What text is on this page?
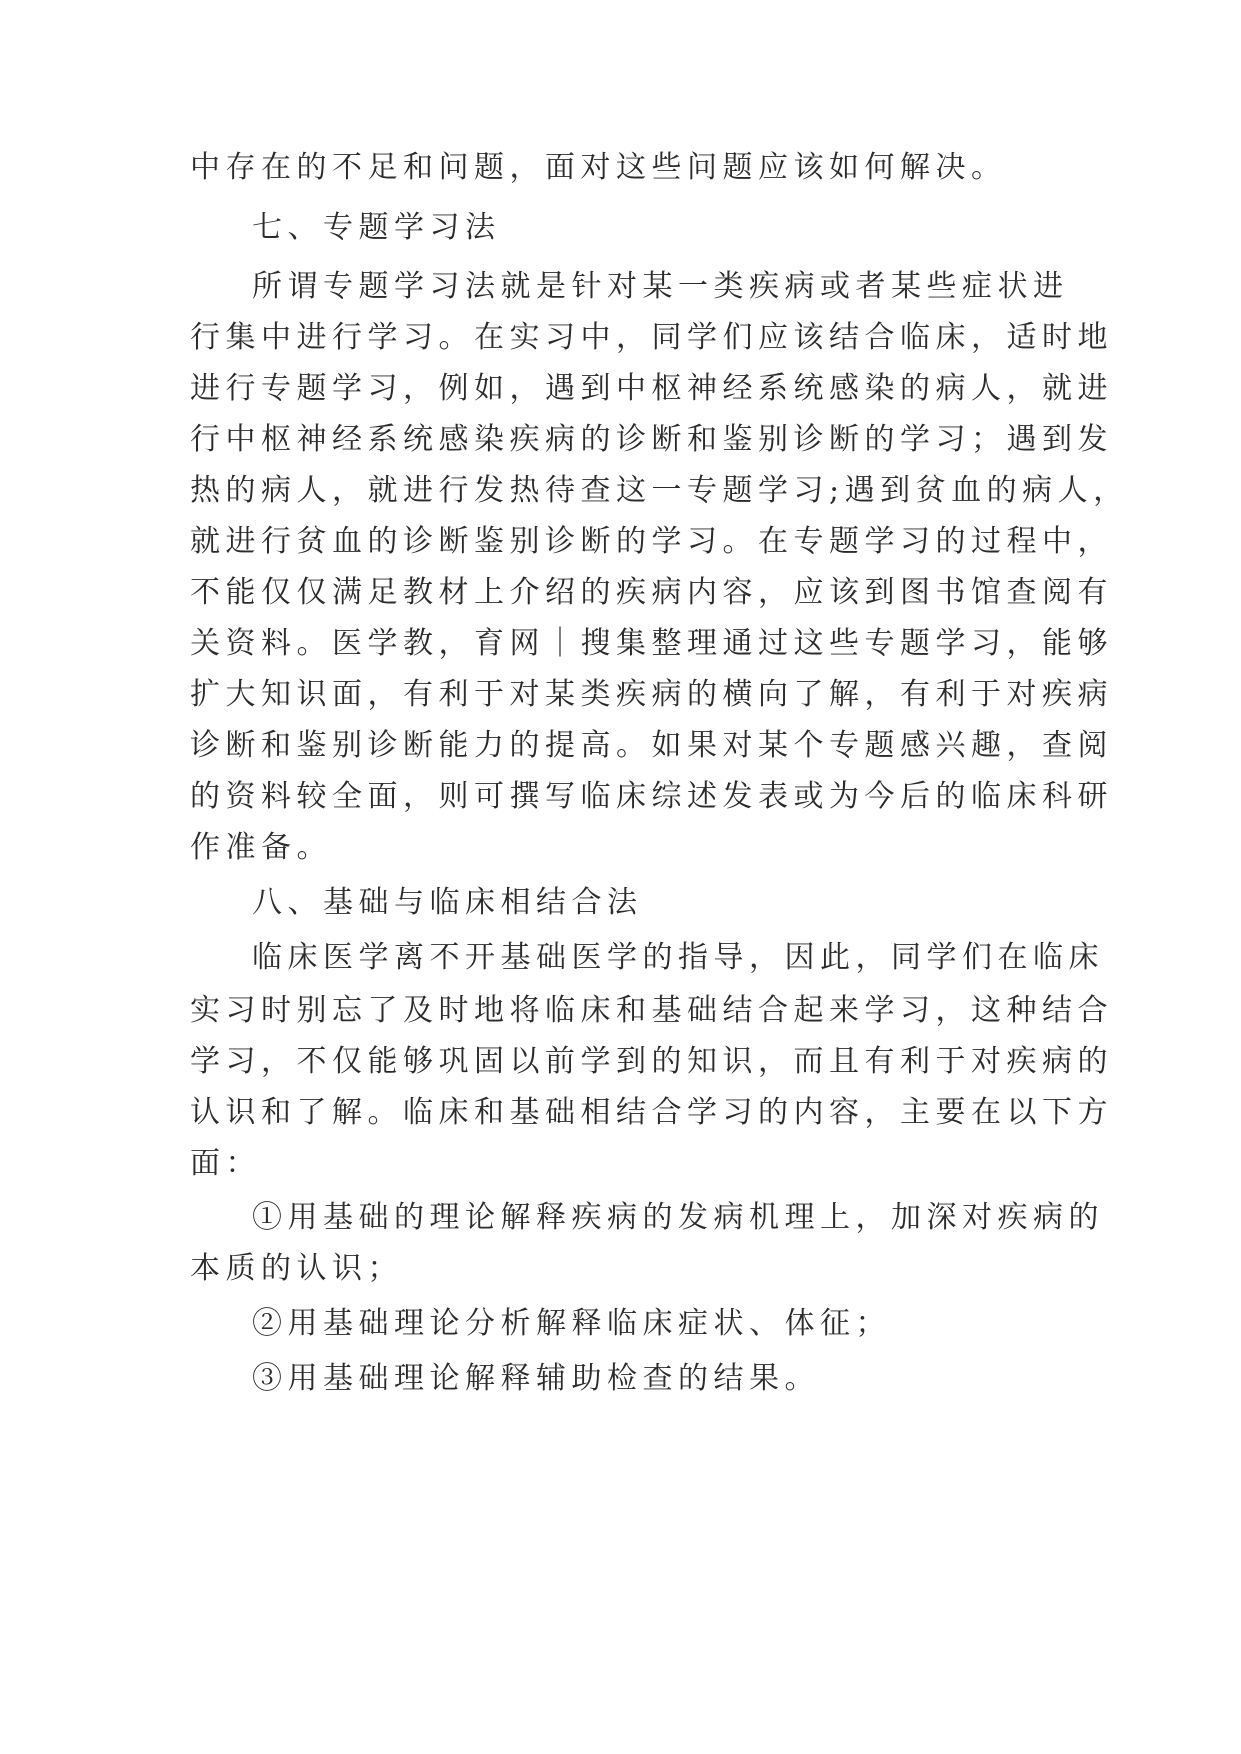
中存在的不足和问题，面对这些问题应该如何解决。
七、专题学习法
所谓专题学习法就是针对某一类疾病或者某些症状进
行集中进行学习。在实习中，同学们应该结合临床，适时地
进行专题学习，例如，遇到中枢神经系统感染的病人，就进
行中枢神经系统感染疾病的诊断和鉴别诊断的学习；遇到发
热的病人，就进行发热待查这一专题学习;遇到贫血的病人，
就进行贫血的诊断鉴别诊断的学习。在专题学习的过程中，
不能仅仅满足教材上介绍的疾病内容，应该到图书馆查阅有
关资料。医学教，育网｜搜集整理通过这些专题学习，能够
扩大知识面，有利于对某类疾病的横向了解，有利于对疾病
诊断和鉴别诊断能力的提高。如果对某个专题感兴趣，查阅
的资料较全面，则可撰写临床综述发表或为今后的临床科研
作准备。
八、基础与临床相结合法
临床医学离不开基础医学的指导，因此，同学们在临床
实习时别忘了及时地将临床和基础结合起来学习，这种结合
学习，不仅能够巩固以前学到的知识，而且有利于对疾病的
认识和了解。临床和基础相结合学习的内容，主要在以下方
面：
①用基础的理论解释疾病的发病机理上，加深对疾病的
本质的认识；
②用基础理论分析解释临床症状、体征；
③用基础理论解释辅助检查的结果。
